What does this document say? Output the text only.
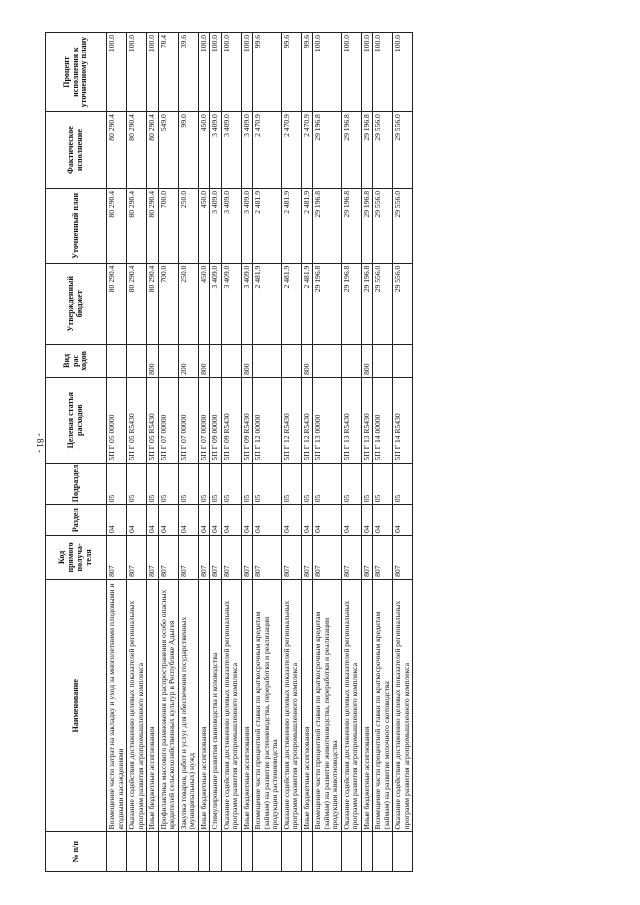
- 81 -
№ п/п	Наименование	Код прямого получа-теля	Раздел	Подраздел	Целевая статья расходов	Вид рас ходов	Утвержденный бюджет	Уточненный план	Фактическое исполнение	Процент исполнения к уточненному плану
	Возмещение части затрат на закладку и уход за многолетними плодовыми и ягодными насаждениями	807	04	05	5П Г 05 00000		80 290.4	80 290.4	80 290.4	100.0
	Оказание содействия достижению целевых показателей региональных программ развития агропромышленного комплекса	807	04	05	5П Г 05 R5430		80 290.4	80 290.4	80 290.4	100.0
	Иные бюджетные ассигнования	807	04	05	5П Г 05 R5430	800	80 290.4	80 290.4	80 290.4	100.0
	Профилактика массового размножения и распространения особо опасных вредителей сельскохозяйственных культур в Республике Адыгея	807	04	05	5П Г 07 00000		700.0	700.0	549.0	78.4
	Закупка товаров, работ и услуг для обеспечения государственных (муниципальных) нужд	807	04	05	5П Г 07 00000	200	250.0	250.0	99.0	39.6
	Иные бюджетные ассигнования	807	04	05	5П Г 07 00000	800	450.0	450.0	450.0	100.0
	Стимулирование развития свиноводства и козоводства	807	04	05	5П Г 09 00000		3 409.0	3 409.0	3 409.0	100.0
	Оказание содействия достижению целевых показателей региональных программ развития агропромышленного комплекса	807	04	05	5П Г 09 R5430		3 409.0	3 409.0	3 409.0	100.0
	Иные бюджетные ассигнования	807	04	05	5П Г 09 R5430	800	3 409.0	3 409.0	3 409.0	100.0
	Возмещение части процентной ставки по краткосрочным кредитам (займам) на развитие растениеводства, переработки и реализации продукции растениеводства	807	04	05	5П Г 12 00000		2 481.9	2 481.9	2 470.9	99.6
	Оказание содействия достижению целевых показателей региональных программ развития агропромышленного комплекса	807	04	05	5П Г 12 R5430		2 481.9	2 481.9	2 470.9	99.6
	Иные бюджетные ассигнования	807	04	05	5П Г 12 R5430	800	2 481.9	2 481.9	2 470.9	99.6
	Возмещение части процентной ставки по краткосрочным кредитам (займам) на развитие животноводства, переработки и реализации продукции животноводства	807	04	05	5П Г 13 00000		29 196.8	29 196.8	29 196.8	100.0
	Оказание содействия достижению целевых показателей региональных программ развития агропромышленного комплекса	807	04	05	5П Г 13 R5430		29 196.8	29 196.8	29 196.8	100.0
	Иные бюджетные ассигнования	807	04	05	5П Г 13 R5430	800	29 196.8	29 196.8	29 196.8	100.0
	Возмещение части процентной ставки по краткосрочным кредитам (займам) на развитие молочного скотоводства	807	04	05	5П Г 14 00000		29 556.0	29 556.0	29 556.0	100.0
	Оказание содействия достижению целевых показателей региональных программ развития агропромышленного комплекса	807	04	05	5П Г 14 R5430		29 556.0	29 556.0	29 556.0	100.0
